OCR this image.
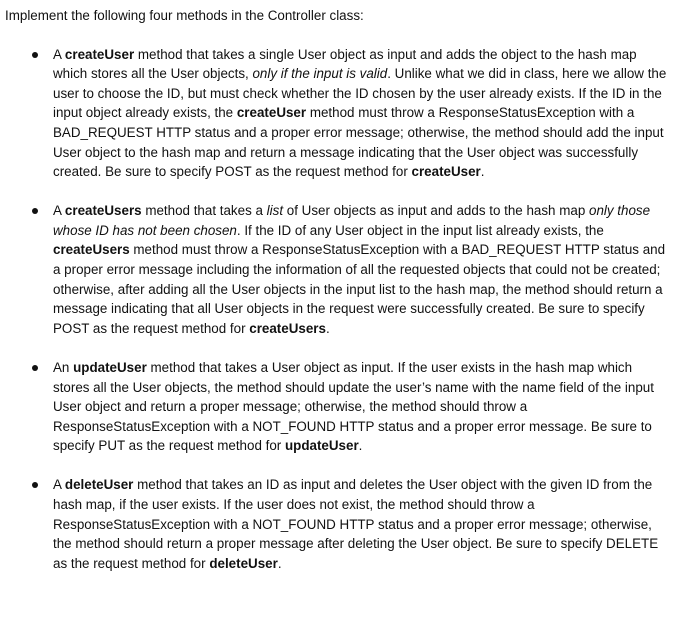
Implement the following four methods in the Controller class:

A createUser method that takes a single User object as input and adds the object to the hash map which stores all the User objects, only if the input is valid. Unlike what we did in class, here we allow the user to choose the ID, but must check whether the ID chosen by the user already exists. If the ID in the input object already exists, the createUser method must throw a ResponseStatusException with a BAD_REQUEST HTTP status and a proper error message; otherwise, the method should add the input User object to the hash map and return a message indicating that the User object was successfully created. Be sure to specify POST as the request method for createUser.
A createUsers method that takes a list of User objects as input and adds to the hash map only those whose ID has not been chosen. If the ID of any User object in the input list already exists, the createUsers method must throw a ResponseStatusException with a BAD_REQUEST HTTP status and a proper error message including the information of all the requested objects that could not be created; otherwise, after adding all the User objects in the input list to the hash map, the method should return a message indicating that all User objects in the request were successfully created. Be sure to specify POST as the request method for createUsers.
An updateUser method that takes a User object as input. If the user exists in the hash map which stores all the User objects, the method should update the user’s name with the name field of the input User object and return a proper message; otherwise, the method should throw a ResponseStatusException with a NOT_FOUND HTTP status and a proper error message. Be sure to specify PUT as the request method for updateUser.
A deleteUser method that takes an ID as input and deletes the User object with the given ID from the hash map, if the user exists. If the user does not exist, the method should throw a ResponseStatusException with a NOT_FOUND HTTP status and a proper error message; otherwise, the method should return a proper message after deleting the User object. Be sure to specify DELETE as the request method for deleteUser.
